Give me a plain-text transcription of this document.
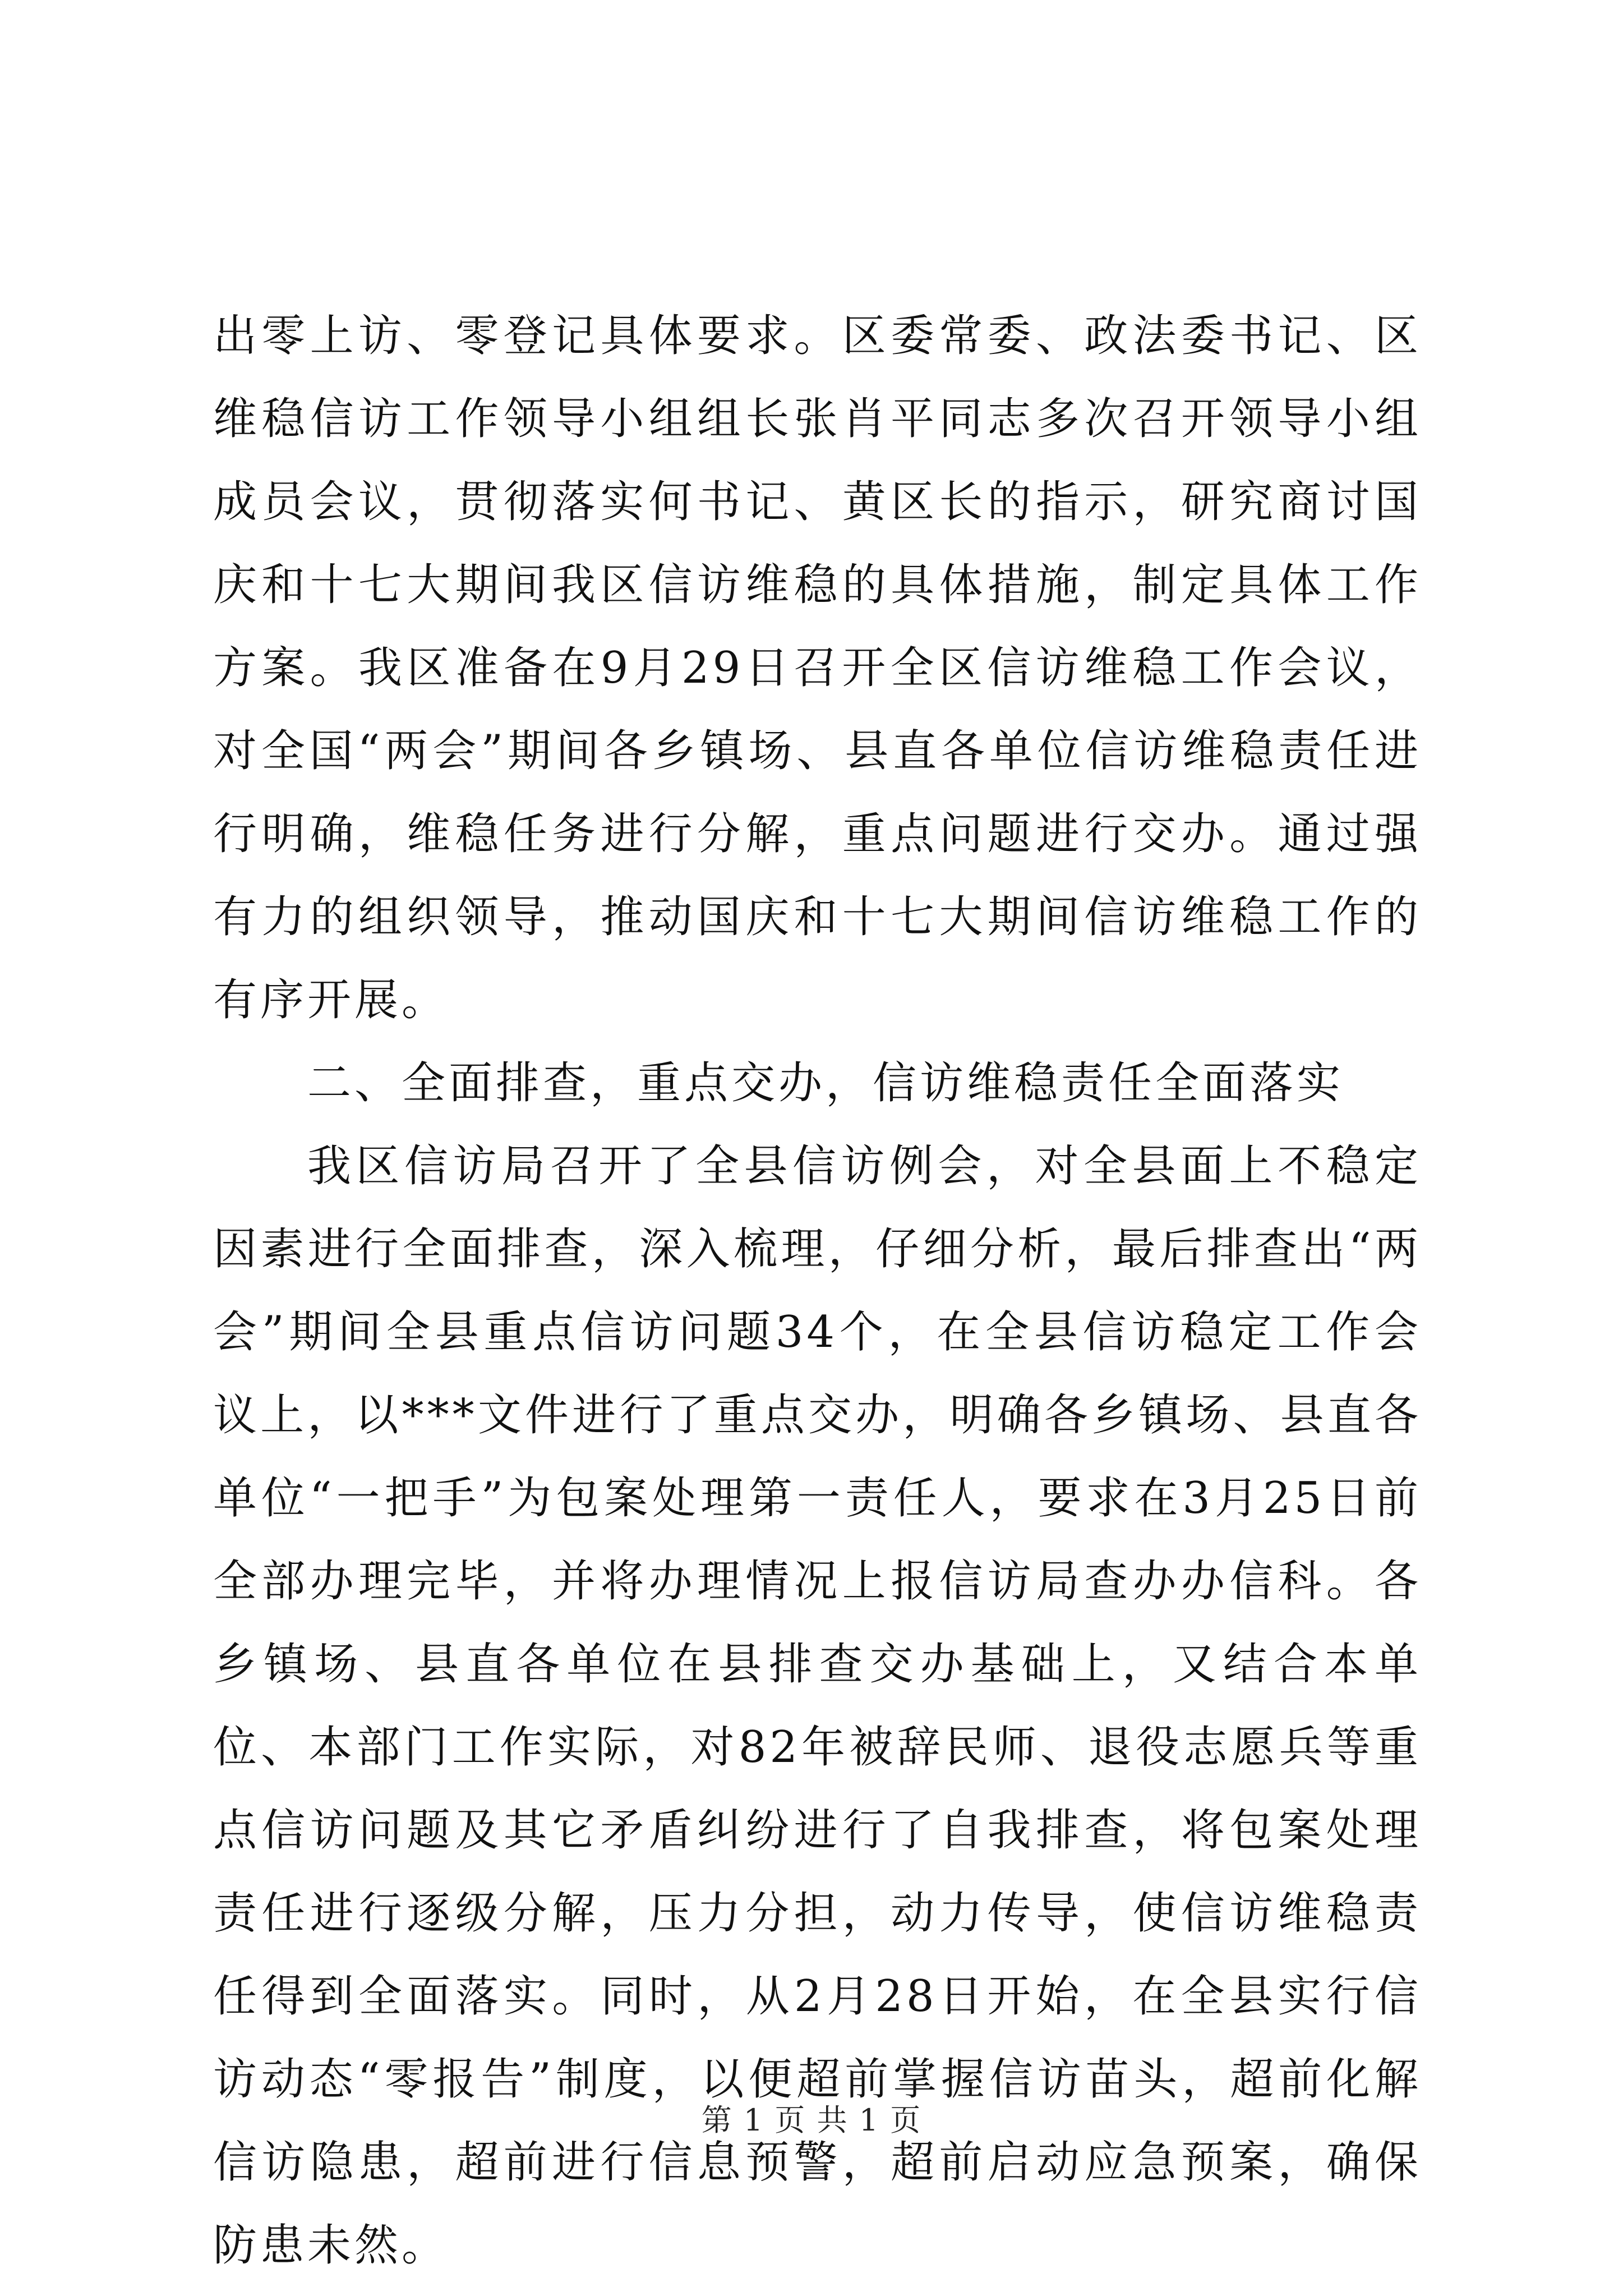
出零上访、零登记具体要求。区委常委、政法委书记、区维稳信访工作领导小组组长张肖平同志多次召开领导小组成员会议，贯彻落实何书记、黄区长的指示，研究商讨国庆和十七大期间我区信访维稳的具体措施，制定具体工作方案。我区准备在9月29日召开全区信访维稳工作会议，对全国“两会”期间各乡镇场、县直各单位信访维稳责任进行明确，维稳任务进行分解，重点问题进行交办。通过强有力的组织领导，推动国庆和十七大期间信访维稳工作的有序开展。

二、全面排查，重点交办，信访维稳责任全面落实

我区信访局召开了全县信访例会，对全县面上不稳定因素进行全面排查，深入梳理，仔细分析，最后排查出“两会”期间全县重点信访问题34个，在全县信访稳定工作会议上，以***文件进行了重点交办，明确各乡镇场、县直各单位“一把手”为包案处理第一责任人，要求在3月25日前全部办理完毕，并将办理情况上报信访局查办办信科。各乡镇场、县直各单位在县排查交办基础上，又结合本单位、本部门工作实际，对82年被辞民师、退役志愿兵等重点信访问题及其它矛盾纠纷进行了自我排查，将包案处理责任进行逐级分解，压力分担，动力传导，使信访维稳责任得到全面落实。同时，从2月28日开始，在全县实行信访动态“零报告”制度，以便超前掌握信访苗头，超前化解信访隐患，超前进行信息预警，超前启动应急预案，确保防患未然。

第 1 页 共 1 页
